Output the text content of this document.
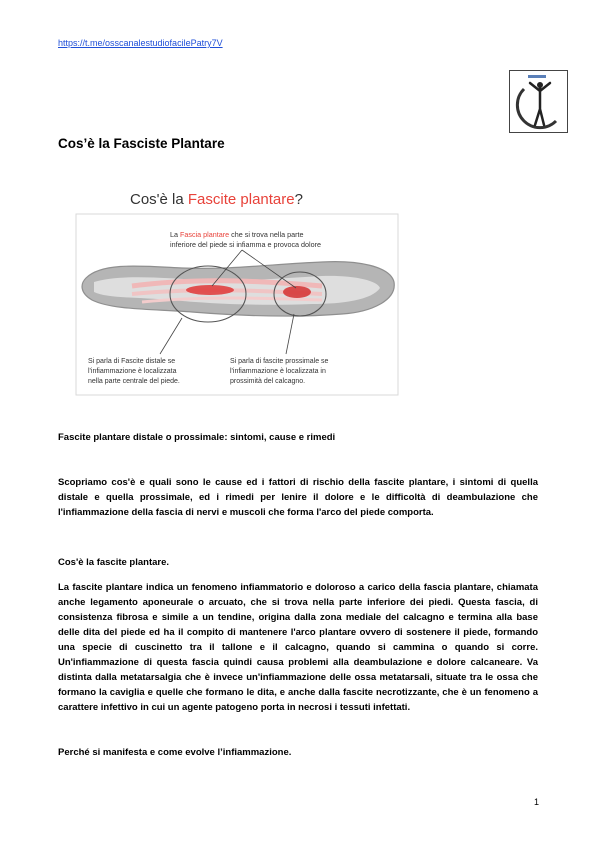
https://t.me/osscanalestudiofacilePatry7V
Cos’è la Fasciste Plantare
Cos'è la Fascite plantare?
La Fascia plantare che si trova nella parte
inferiore del piede si infiamma e provoca dolore
Si parla di Fascite distale se
l'infiammazione è localizzata
nella parte centrale del piede.
Si parla di fascite prossimale se
l'infiammazione è localizzata in
prossimità del calcagno.
Fascite plantare distale o prossimale: sintomi, cause e rimedi

Scopriamo cos'è e quali sono le cause ed i fattori di rischio della fascite plantare, i sintomi di quella distale e quella prossimale, ed i rimedi per lenire il dolore e le difficoltà di deambulazione che l'infiammazione della fascia di nervi e muscoli che forma l'arco del piede comporta.

Cos'è la fascite plantare.

La fascite plantare indica un fenomeno infiammatorio e doloroso a carico della fascia plantare, chiamata anche legamento aponeurale o arcuato, che si trova nella parte inferiore dei piedi. Questa fascia, di consistenza fibrosa e simile a un tendine, origina dalla zona mediale del calcagno e termina alla base delle dita del piede ed ha il compito di mantenere l'arco plantare ovvero di sostenere il piede, formando una specie di cuscinetto tra il tallone e il calcagno, quando si cammina o quando si corre. Un'infiammazione di questa fascia quindi causa problemi alla deambulazione e dolore calcaneare. Va distinta dalla metatarsalgia che è invece un'infiammazione delle ossa metatarsali, situate tra le ossa che formano la caviglia e quelle che formano le dita, e anche dalla fascite necrotizzante, che è un fenomeno a carattere infettivo in cui un agente patogeno porta in necrosi i tessuti infettati.

Perché si manifesta e come evolve l’infiammazione.
1
